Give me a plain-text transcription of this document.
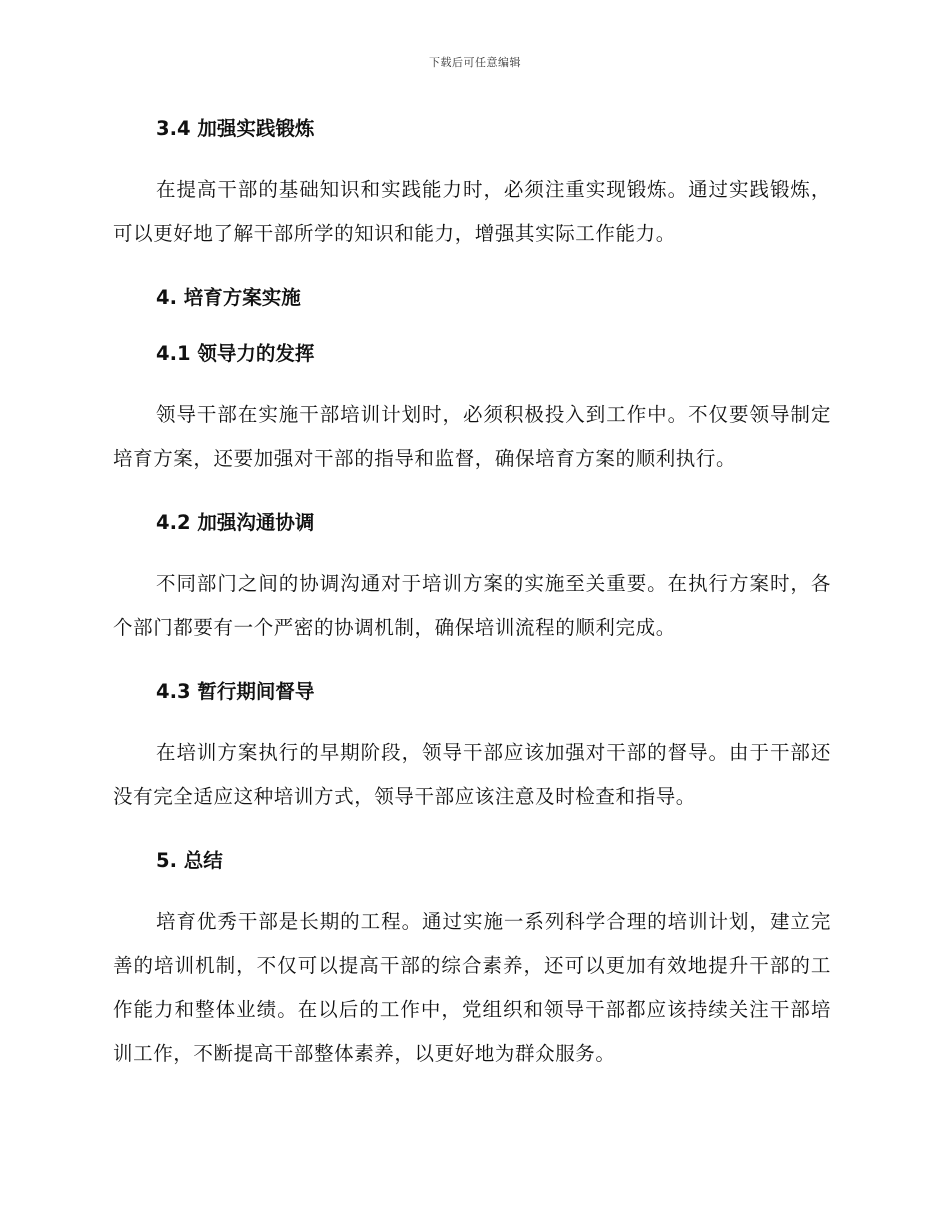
下载后可任意编辑
3.4 加强实践锻炼

在提高干部的基础知识和实践能力时，必须注重实现锻炼。通过实践锻炼，可以更好地了解干部所学的知识和能力，增强其实际工作能力。

4. 培育方案实施
4.1 领导力的发挥

领导干部在实施干部培训计划时，必须积极投入到工作中。不仅要领导制定培育方案，还要加强对干部的指导和监督，确保培育方案的顺利执行。

4.2 加强沟通协调

不同部门之间的协调沟通对于培训方案的实施至关重要。在执行方案时，各个部门都要有一个严密的协调机制，确保培训流程的顺利完成。

4.3 暂行期间督导

在培训方案执行的早期阶段，领导干部应该加强对干部的督导。由于干部还没有完全适应这种培训方式，领导干部应该注意及时检查和指导。

5. 总结

培育优秀干部是长期的工程。通过实施一系列科学合理的培训计划，建立完善的培训机制，不仅可以提高干部的综合素养，还可以更加有效地提升干部的工作能力和整体业绩。在以后的工作中，党组织和领导干部都应该持续关注干部培训工作，不断提高干部整体素养，以更好地为群众服务。
